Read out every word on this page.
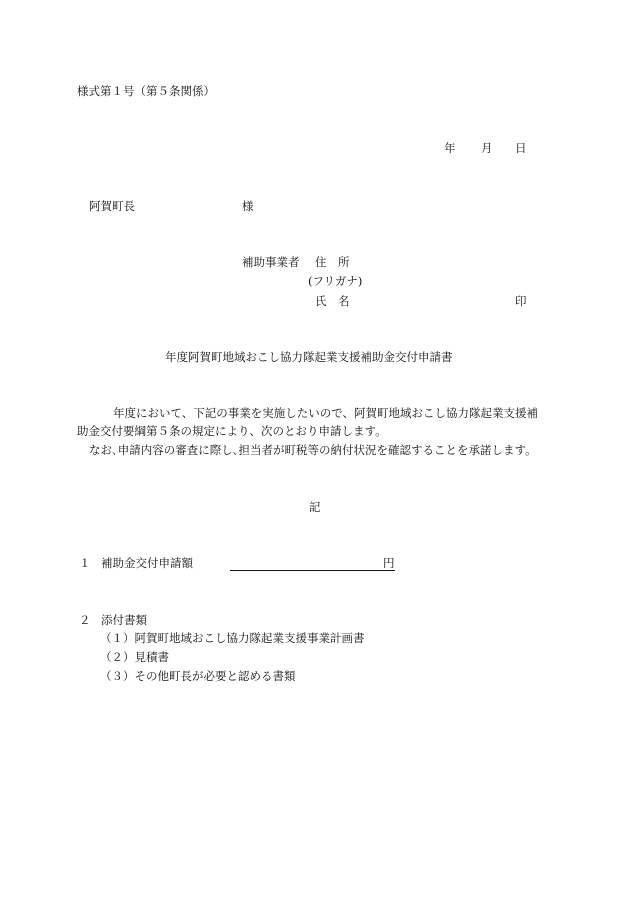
様式第１号（第５条関係）
年 月 日
阿賀町長	様
補助事業者 住　所
(フリガナ)
氏　名	印
年度阿賀町地域おこし協力隊起業支援補助金交付申請書
年度において、下記の事業を実施したいので、阿賀町地域おこし協力隊起業支援補
助金交付要綱第５条の規定により、次のとおり申請します。
なお､申請内容の審査に際し､担当者が町税等の納付状況を確認することを承諾します。
記
１ 補助金交付申請額	円
２ 添付書類
（１）阿賀町地域おこし協力隊起業支援事業計画書
（２）見積書
（３）その他町長が必要と認める書類
